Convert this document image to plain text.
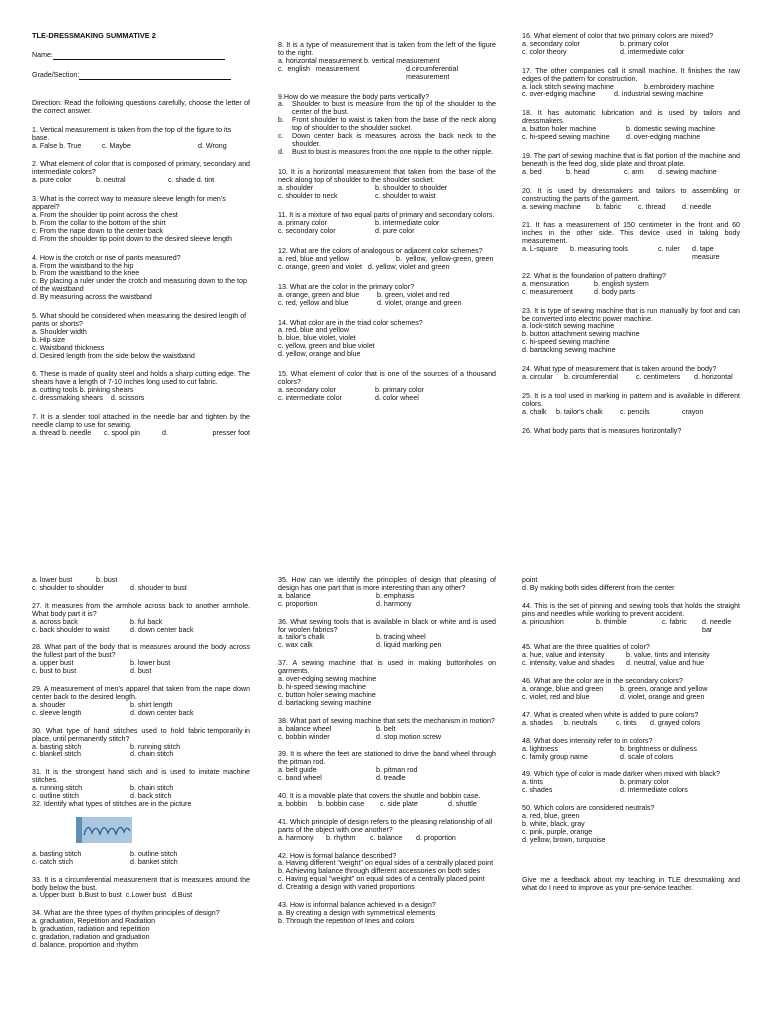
TLE-DRESSMAKING SUMMATIVE 2
Name:
Grade/Section:

Direction: Read the following questions carefully, choose the letter of the correct answer.

1. Vertical measurement is taken from the top of the figure to its base.

a. False b. True	c. Maybe	d. Wrong

2. What element of color that is composed of primary, secondary and intermediate colors?

a. pure color	b. neutral	c. shade d. tint

3. What is the correct way to measure sleeve length for men's apparel?

a. From the shoulder tip point across the chest

b. From the collar to the bottom of the shirt

c. From the nape down to the center back

d. From the shoulder tip point down to the desired sleeve length

4. How is the crotch or rise of pants measured?

a. From the waistband to the hip

b. From the waistband to the knee

c. By placing a ruler under the crotch and measuring down to the top of the waistband

d. By measuring across the waistband

5. What should be considered when measuring the desired length of pants or shorts?

a. Shoulder width

b. Hip size

c. Waistband thickness

d. Desired length from the side below the waistband

6. These is made of quality steel and holds a sharp cutting edge. The shears have a length of 7-10 inches long used to cut fabric.

a. cutting tools b. pinking shears

c. dressmaking shears    d. scissors

7. It is a slender tool attached in the needle bar and tighten by the needle clamp to use for sewing.

a. thread b. needle	c. spool pin	d.	presser foot

8. It is a type of measurement that is taken from the left of the figure to the right.

a. horizontal measurement b. vertical measurement

c.  english   measurement	d.circumferential measurement

9.How do we measure the body parts vertically?

a.	Shoulder to bust is measure from the tip of the shoulder to the center of the bust.
b.	Front shoulder to waist is taken from the base of the neck along top of shoulder to the shoulder socket.
c.	Down center back is measures across the back neck to the shoulder.
d.	Bust to bust is measures from the one nipple to the other nipple.

10. It is a horizontal measurement that taken from the base of the neck along top of shoulder to the shoulder socket.

a. shoulder	b. shoulder to shoulder
c. shoulder to neck	c. shoulder to waist

11. It is a mixture of two equal parts of primary and secondary colors.

a. primary color	b. intermediate color
c. secondary color	d. pure color

12. What are the colors of analogous or adjacent color schemes?

a. red, blue and yellow	b.  yellow,  yellow-green, green

c. orange, green and violet   d. yellow, violet and green

13. What are the color in the primary color?

a. orange, green and blue	b. green, violet and red
c. red, yellow and blue	d. violet, orange and green

14. What color are in the triad color schemes?

a. red, blue and yellow

b. blue, blue violet, violet

c. yellow, green and blue violet

d. yellow, orange and blue

15. What element of color that is one of the sources of a thousand colors?

a. secondary color	b. primary color
c. intermediate color	d. color wheel

16. What element of color that two primary colors are mixed?

a. secondary color	b. primary color
c. color theory	d. intermediate color

17. The other companies call it small machine. It finishes the raw edges of the pattern for construction.

a. lock stitch sewing machine	b.embroidery machine
c. over-edging machine	d. industrial sewing machine

18. It has automatic lubrication and is used by tailors and dressmakers.

a. button holer machine	b. domestic sewing machine
c. hi-speed sewing machine	d. over-edging machine

19. The part of sewing machine that is flat portion of the machine and beneath is the feed dog, slide plate and throat plate.

a. bed	b. head	c. arm	d. sewing machine

20. It is used by dressmakers and tailors to assembling or constructing the parts of the garment.

a. sewing machine	b. fabric	c. thread	d. needle

21. It has a measurement of 150 centimeter in the front and 60 inches in the other side. This device used in taking body measurement.

a. L-square	b. measuring tools	c. ruler	d. tape measure

22. What is the foundation of pattern drafting?

a. mensuration	b. english system
c. measurement	d. body parts

23. It is type of sewing machine that is run manually by foot and can be converted into electric power machine.

a. lock-stitch sewing machine

b. button attachment sewing machine

c. hi-speed sewing machine

d. bartacking sewing machine

24. What type of measurement that is taken around the body?

a. circular	b. circumferential	c. centimeters	d. horizontal

25. It is a tool used in marking in pattern and is available in different colors.

a. chalk	b. tailor's chalk	c. pencils	crayon

26. What body parts that is measures horizontally?

a. lower bust	b. bust
c. shoulder to shoulder	d. shouder to bust

27. It measures from the armhole across back to another armhole. What body part it is?

a. across back	b. ful back
c. back shoulder to waist	d. down center back

28. What part of the body that is measures around the body across the fullest part of the bust?

a. upper bust	b. lower bust
c. bust to bust	d. bust

29. A measurement of men's apparel that taken from the nape down center back to the desired length.

a. shouder	b. shirt length
c. sleeve length	d. down center back

30.  What  type  of  hand  stitches  used  to  hold  fabric temporarily in place, until permanently stitch?

a. basting stitch	b. running stitch
c. blanket stitch	d. chain stitch

31. It is the strongest hand stich and is used to imitate machine stitches.

a. running stitch	b. chain stitch
c. outline stitch	d. back stitch

32. Identify what types of stitches are in the picture

a. basting stitch	b. outline stitch
c. catch stich	d. banket stitch

33. It is a circumferential measurement that is measures around the body below the bust.

a. Upper bust  b.Bust to bust  c.Lower bust   d.Bust

34. What are the three types of rhythm principles of design?

a. graduation, Repetition and Radiation

b. graduation, radiation and repetition

c. gradation, radiation and graduation

d. balance, proportion and rhythm

35. How can we identify the principles of design that pleasing of design has one part that is more interesting than any other?

a. balance	b. emphasis
c. proportion	d. harmony

36. What sewing tools that is available in black or white and is used for woolen fabrics?

a. tailor's chalk	b. tracing wheel
c. wax calk	d. liquid marking pen

37. A sewing machine that is used in making buttonholes on garments.

a. over-edging sewing machine

b. hi-speed sewing machine

c. button holer sewing machine

d. bartacking sewing machine

38. What part of sewing machine that sets the mechanism in motion?

a. balance wheel	b. belt
c. bobbin winder	d. stop motion screw

39. It is where the feet are stationed to drive the band wheel through the pitman rod.

a. belt guide	b. pitman rod
c. band wheel	d. treadle

40. It is a movable plate that covers the shuttle and bobbin case.

a. bobbin	b. bobbin case	c. side plate	d. shuttle

41. Which principle of design refers to the pleasing relationship of all parts of the object with one another?

a. harmony	b. rhythm	c. balance	d. proportion

42. How is formal balance described?

a. Having different "weight" on equal sides of a centrally placed point

b. Achieving balance through different accessories on both sides

c. Having equal "weight" on equal sides of a centrally placed point

d. Creating a design with varied proportions

43. How is informal balance achieved in a design?

a. By creating a design with symmetrical elements

b. Through the repetition of lines and colors

point

d. By making both sides different from the center

44. This is the set of pinning and sewing tools that holds the straight pins and needles while working to prevent accident.

a. pincushion	b. thimble	c. fabric	d. needle bar

45. What are the three qualities of color?

a. hue, value and intensity	b. value, tints and intensity
c. intensity, value and shades	d. neutral, value and hue

46. What are the color are in the secondary colors?

a. orange, blue and green	b. green, orange and yellow
c. violet, red and blue	d. violet, orange and green

47. What is created when white is added to pure colors?

a. shades	b. neutrals	c. tints	d. grayed colors

48. What does intensity refer to in colors?

a. lightness	b. brightness or dullness
c. family group name	d. scale of colors

49. Which type of color is made darker when mixed with black?

a. tints	b. primary color
c. shades	d. intermediate colors

50. Which colors are considered neutrals?

a. red, blue, green

b. white, black, gray

c. pink, purple, orange

d. yellow, brown, turquoise

Give me a feedback about my teaching in TLE dressmaking and what do I need to improve as your pre-service teacher.
